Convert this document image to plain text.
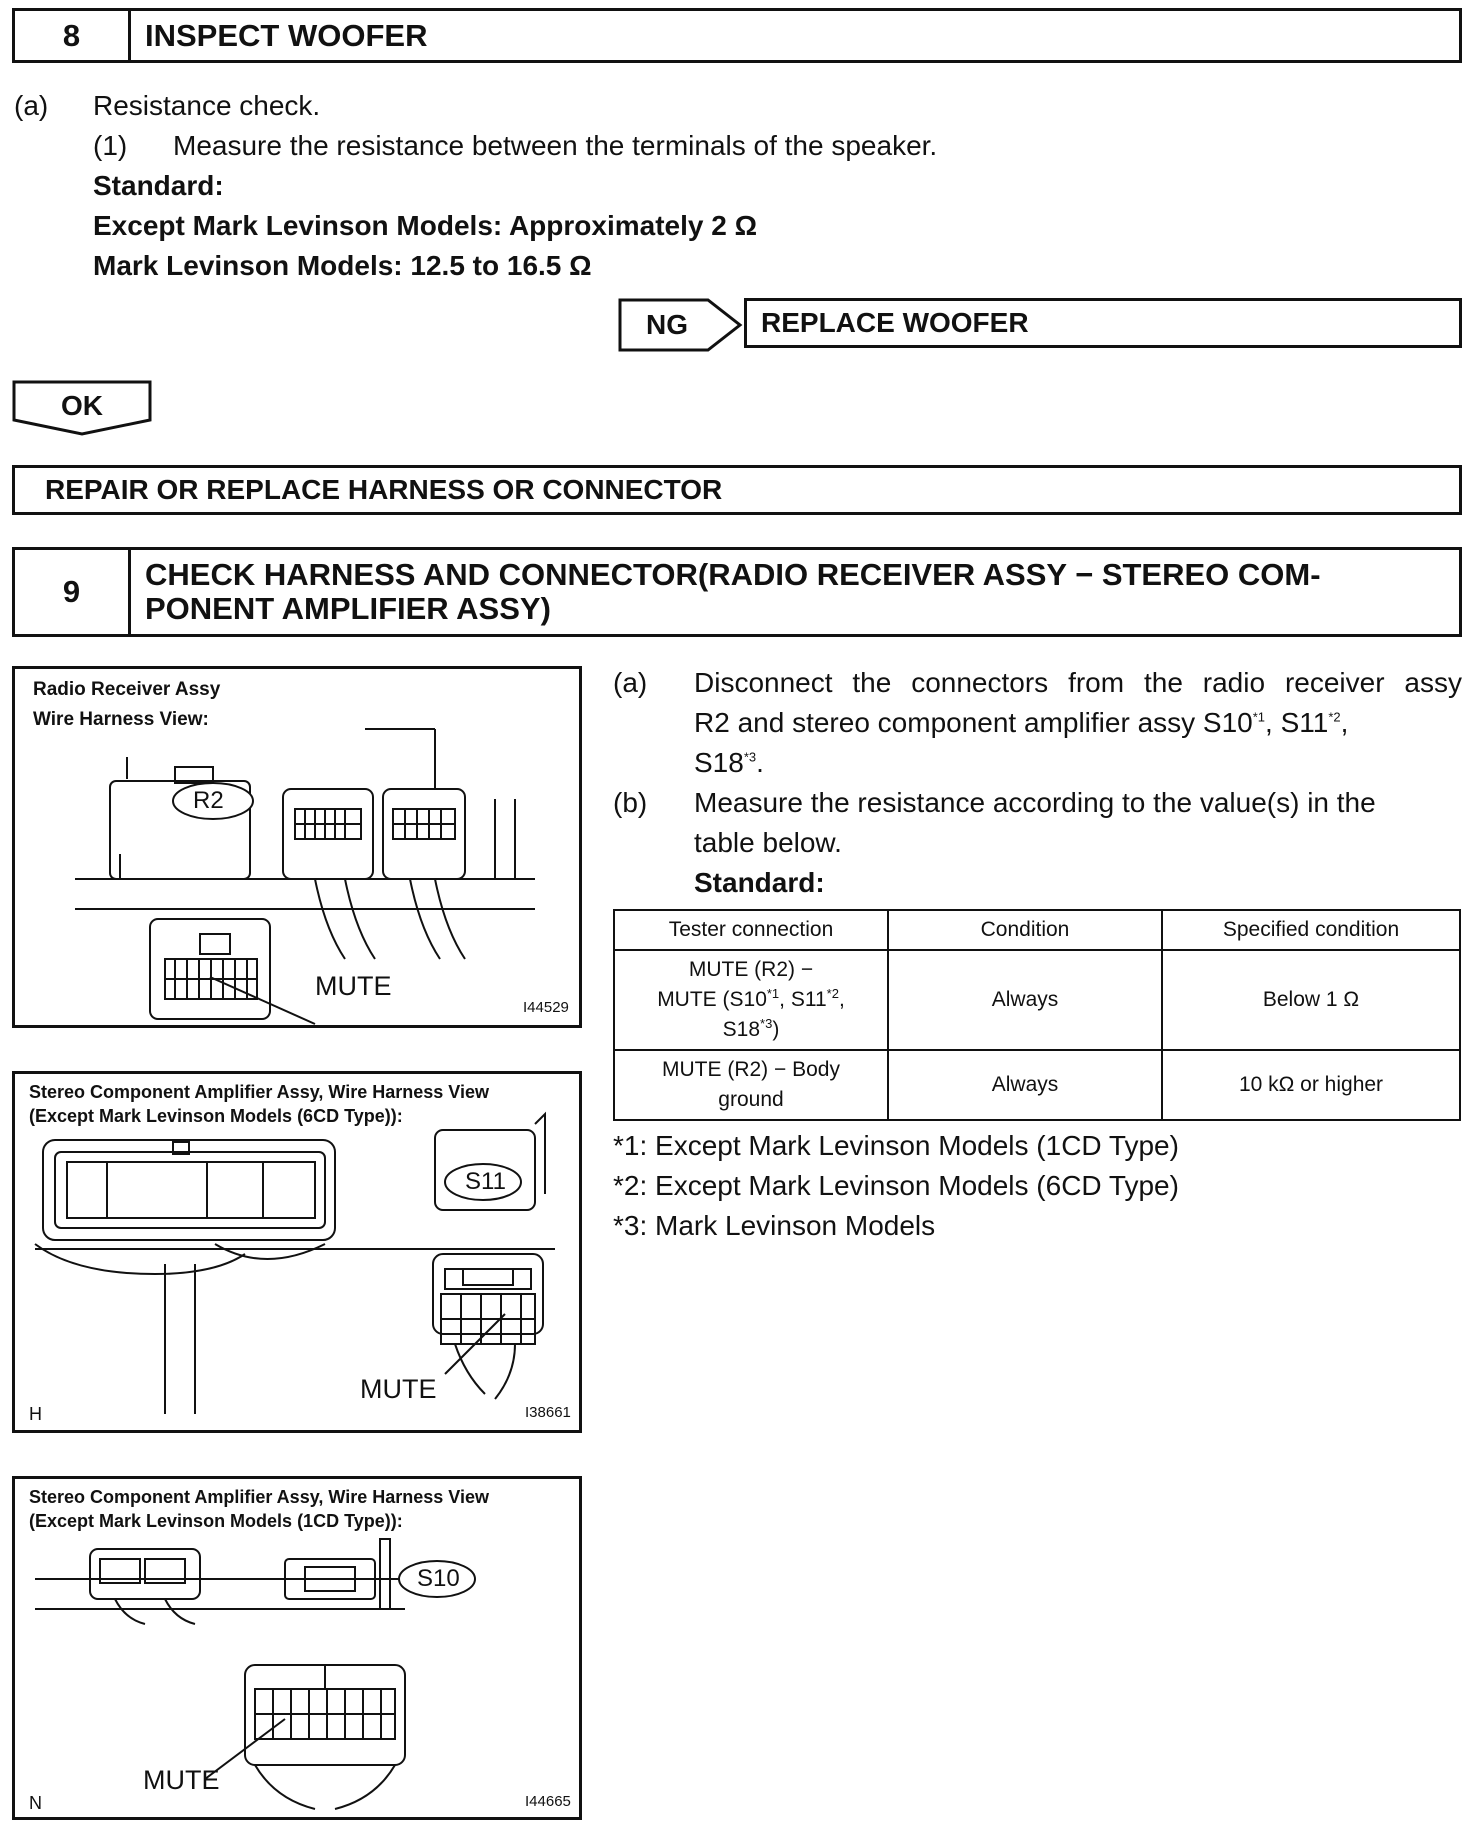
8	INSPECT WOOFER
(a) Resistance check.
(1) Measure the resistance between the terminals of the speaker.
Standard:
Except Mark Levinson Models: Approximately 2 Ω
Mark Levinson Models: 12.5 to 16.5 Ω
NG	REPLACE WOOFER
OK
REPAIR OR REPLACE HARNESS OR CONNECTOR
9	CHECK HARNESS AND CONNECTOR(RADIO RECEIVER ASSY − STEREO COM-
PONENT AMPLIFIER ASSY)
Radio Receiver Assy
Wire Harness View:
R2
MUTE
I44529
Stereo Component Amplifier Assy, Wire Harness View
(Except Mark Levinson Models (6CD Type)):
S11
MUTE
H	I38661
Stereo Component Amplifier Assy, Wire Harness View
(Except Mark Levinson Models (1CD Type)):
S10
MUTE
N	I44665
(a) Disconnect the connectors from the radio receiver assy
R2 and stereo component amplifier assy S10$^{*1}$, S11$^{*2}$,
S18$^{*3}$.
(b) Measure the resistance according to the value(s) in the
table below.
Standard:
Tester connection	Condition	Specified condition

MUTE (R2) −
MUTE (S10$^{*1}$, S11$^{*2}$,
S18$^{*3}$)	Always	Below 1 Ω

MUTE (R2) − Body
ground	Always	10 kΩ or higher
*1: Except Mark Levinson Models (1CD Type)
*2: Except Mark Levinson Models (6CD Type)
*3: Mark Levinson Models
